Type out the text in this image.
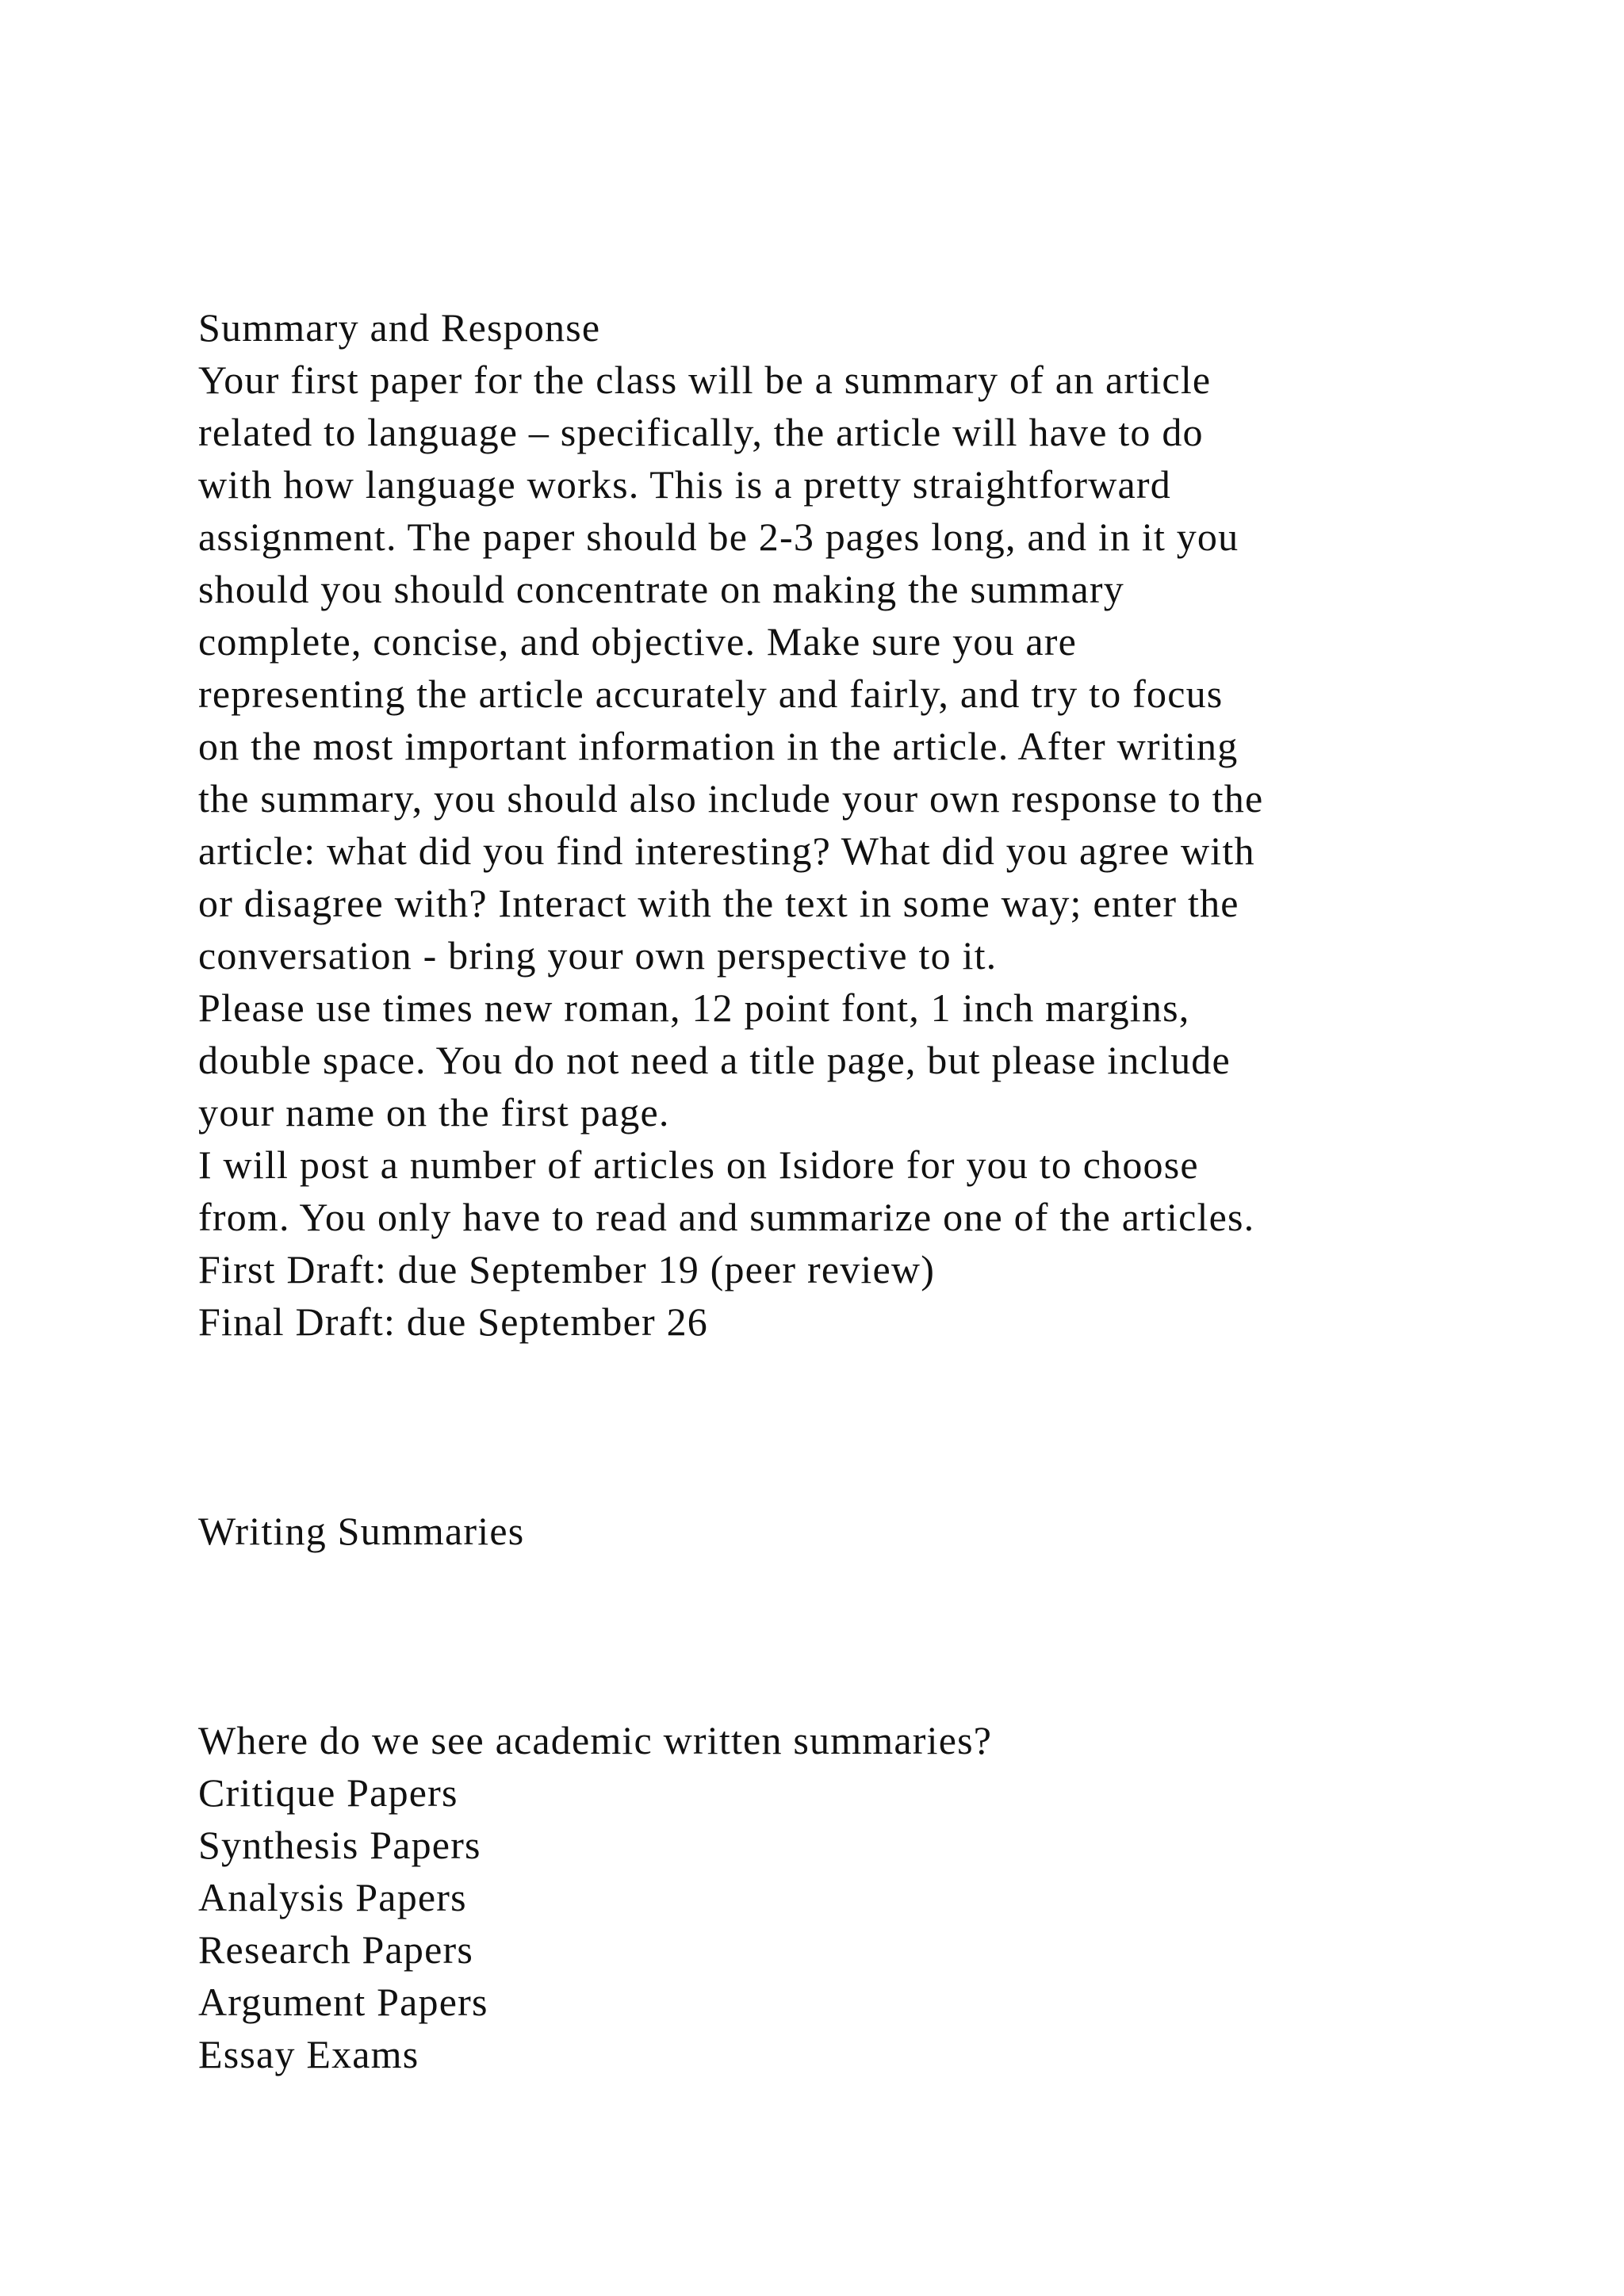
Summary and Response
Your first paper for the class will be a summary of an article
related to language – specifically, the article will have to do
with how language works. This is a pretty straightforward
assignment. The paper should be 2-3 pages long, and in it you
should you should concentrate on making the summary
complete, concise, and objective. Make sure you are
representing the article accurately and fairly, and try to focus
on the most important information in the article. After writing
the summary, you should also include your own response to the
article: what did you find interesting? What did you agree with
or disagree with? Interact with the text in some way; enter the
conversation - bring your own perspective to it.
Please use times new roman, 12 point font, 1 inch margins,
double space. You do not need a title page, but please include
your name on the first page.
I will post a number of articles on Isidore for you to choose
from. You only have to read and summarize one of the articles.
First Draft: due September 19 (peer review)
Final Draft: due September 26
Writing Summaries
Where do we see academic written summaries?
Critique Papers
Synthesis Papers
Analysis Papers
Research Papers
Argument Papers
Essay Exams
